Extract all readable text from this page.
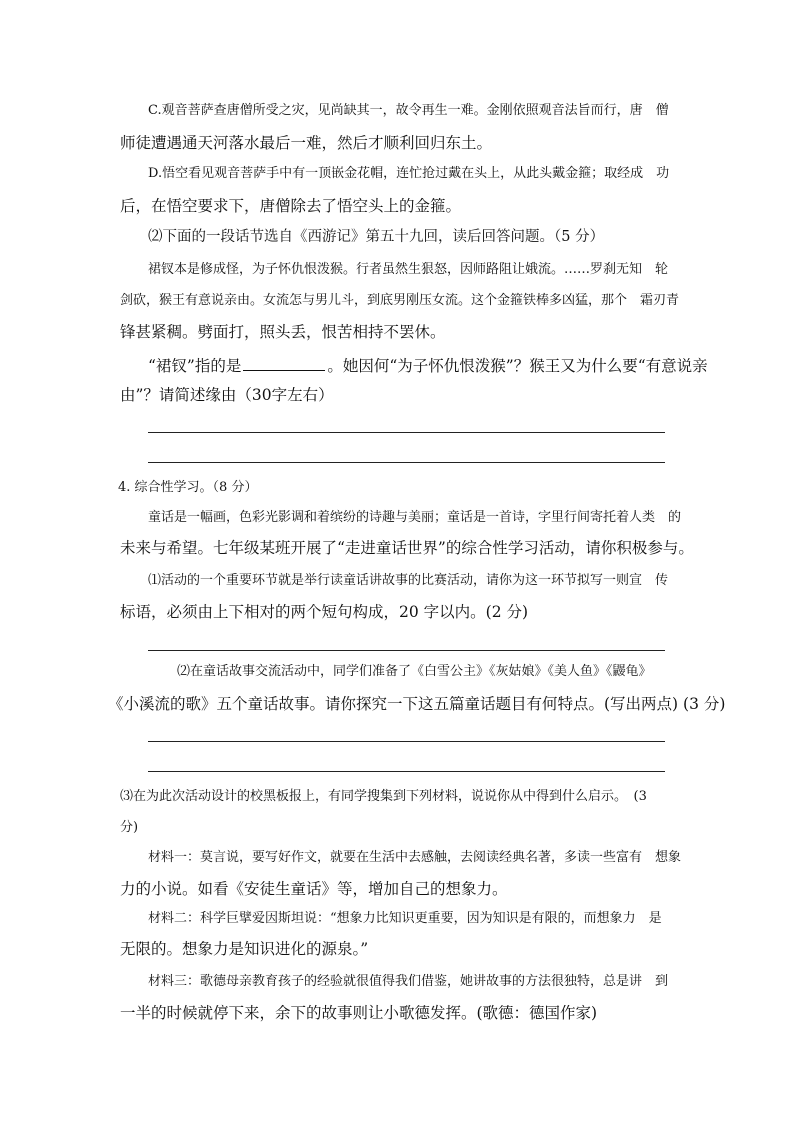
C.观音菩萨查唐僧所受之灾，见尚缺其一，故令再生一难。金刚依照观音法旨而行，唐　僧
师徒遭遇通天河落水最后一难，然后才顺利回归东土。
D.悟空看见观音菩萨手中有一顶嵌金花帽，连忙抢过戴在头上，从此头戴金箍；取经成　功
后，在悟空要求下，唐僧除去了悟空头上的金箍。
⑵下面的一段话节选自《西游记》第五十九回，读后回答问题。（5 分）
裙钗本是修成怪，为子怀仇恨泼猴。行者虽然生狠怒，因师路阻让娥流。……罗刹无知　轮
剑砍，猴王有意说亲由。女流怎与男儿斗，到底男刚压女流。这个金箍铁棒多凶猛，那个　霜刃青
锋甚紧稠。劈面打，照头丢，恨苦相持不罢休。
“裙钗”指的是	。她因何“为子怀仇恨泼猴”？猴王又为什么要“有意说亲
由”？请简述缘由（30字左右）
4. 综合性学习。（8 分）
童话是一幅画，色彩光影调和着缤纷的诗趣与美丽；童话是一首诗，字里行间寄托着人类　的
未来与希望。七年级某班开展了“走进童话世界”的综合性学习活动，请你积极参与。
⑴活动的一个重要环节就是举行读童话讲故事的比赛活动，请你为这一环节拟写一则宣　传
标语，必须由上下相对的两个短句构成，20 字以内。(2 分)
⑵在童话故事交流活动中，同学们准备了《白雪公主》《灰姑娘》《美人鱼》《鼹龟》
《小溪流的歌》五个童话故事。请你探究一下这五篇童话题目有何特点。(写出两点) (3 分)
⑶在为此次活动设计的校黑板报上，有同学搜集到下列材料，说说你从中得到什么启示。　(3
分)
材料一：莫言说，要写好作文，就要在生活中去感触，去阅读经典名著，多读一些富有　想象
力的小说。如看《安徒生童话》等，增加自己的想象力。
材料二：科学巨擘爱因斯坦说：“想象力比知识更重要，因为知识是有限的，而想象力　是
无限的。想象力是知识进化的源泉。”
材料三：歌德母亲教育孩子的经验就很值得我们借鉴，她讲故事的方法很独特，总是讲　到
一半的时候就停下来，余下的故事则让小歌德发挥。(歌德：德国作家)
